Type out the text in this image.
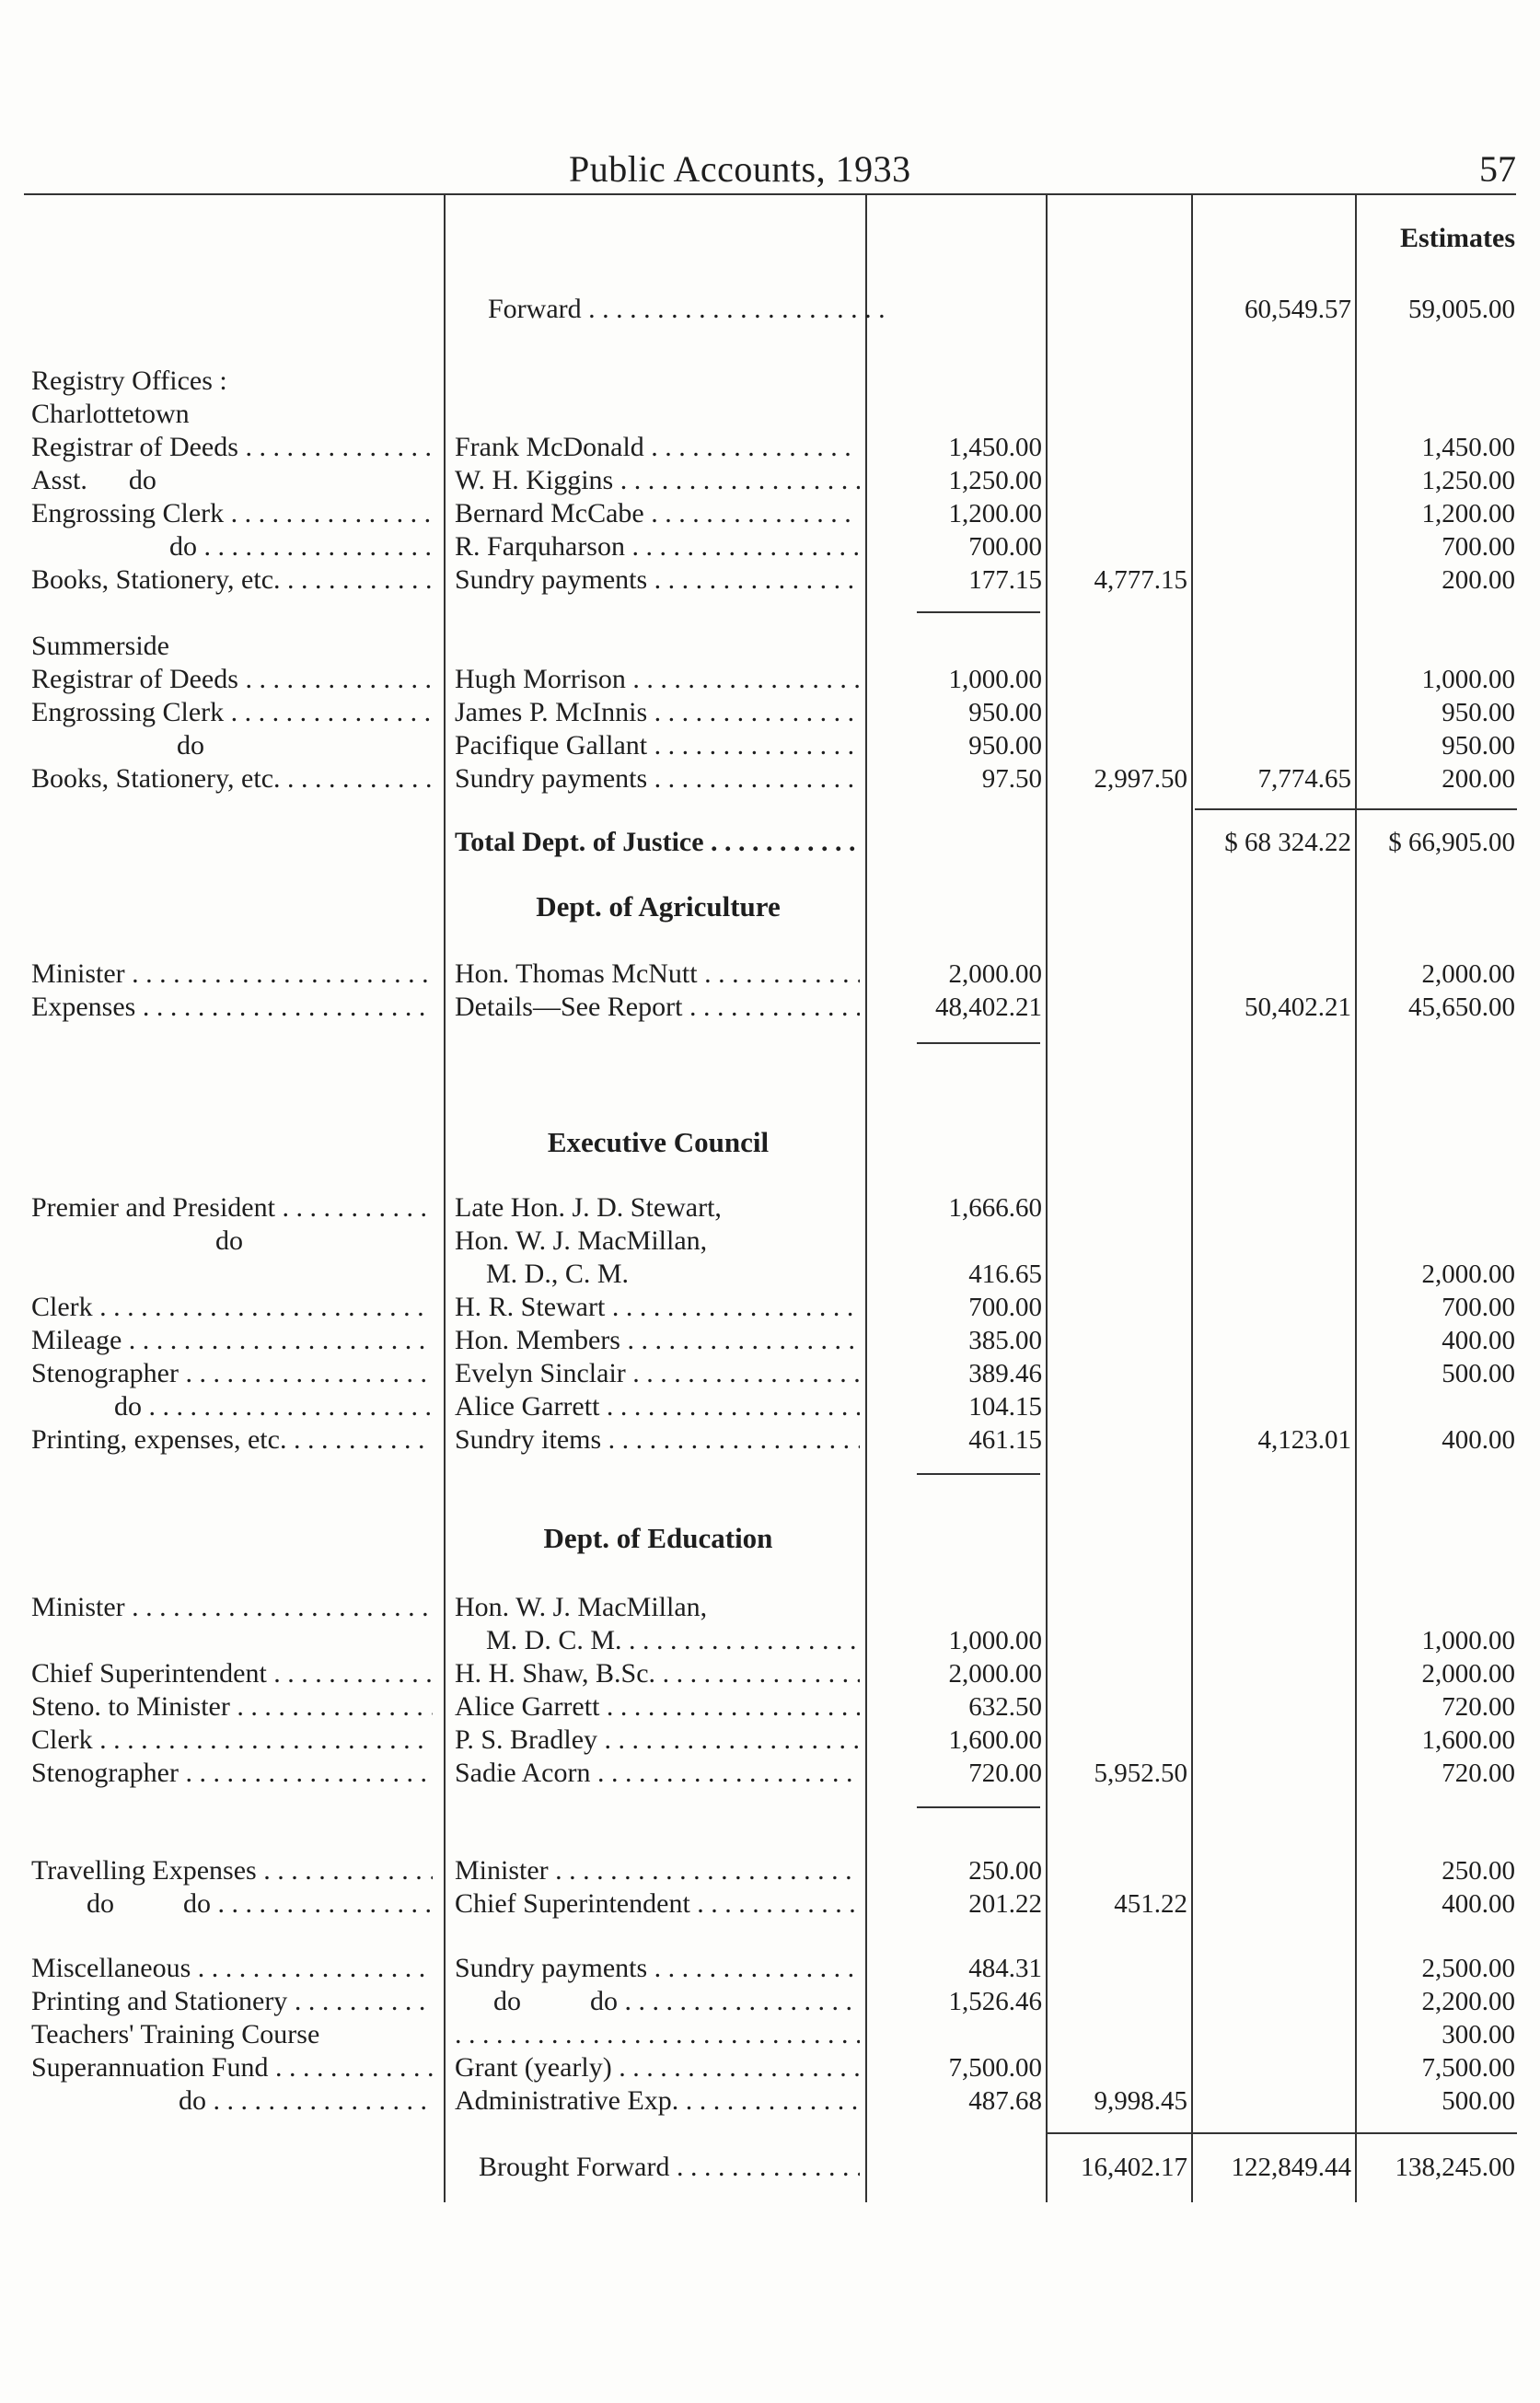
Public Accounts, 1933	57
Estimates
Forward . . .	60,549.57	59,005.00
Registry Offices :
Charlottetown
Registrar of Deeds . . .	Frank McDonald . . .	1,450.00	1,450.00
Asst.      do	W. H. Kiggins . . .	1,250.00	1,250.00
Engrossing Clerk . . .	Bernard McCabe . . .	1,200.00	1,200.00
do . . .	R. Farquharson . . .	700.00	700.00
Books, Stationery, etc. . . .	Sundry payments . . .	177.15	4,777.15	200.00
Summerside
Registrar of Deeds . . .	Hugh Morrison . . .	1,000.00	1,000.00
Engrossing Clerk . . .	James P. McInnis . . .	950.00	950.00
do	Pacifique Gallant . . .	950.00	950.00
Books, Stationery, etc. . . .	Sundry payments . . .	97.50	2,997.50	7,774.65	200.00
Total Dept. of Justice . . .	$ 68 324.22	$ 66,905.00
Dept. of Agriculture
Minister . . .	Hon. Thomas McNutt . . .	2,000.00	2,000.00
Expenses . . .	Details—See Report . . .	48,402.21	50,402.21	45,650.00
Executive Council
Premier and President . . .	Late Hon. J. D. Stewart,	1,666.60
do	Hon. W. J. MacMillan,
M. D., C. M.	416.65	2,000.00
Clerk . . .	H. R. Stewart . . .	700.00	700.00
Mileage . . .	Hon. Members . . .	385.00	400.00
Stenographer . . .	Evelyn Sinclair . . .	389.46	500.00
do . . .	Alice Garrett . . .	104.15
Printing, expenses, etc. . . .	Sundry items . . .	461.15	4,123.01	400.00
Dept. of Education
Minister . . .	Hon. W. J. MacMillan,
M. D. C. M. . . .	1,000.00	1,000.00
Chief Superintendent . . .	H. H. Shaw, B.Sc. . . .	2,000.00	2,000.00
Steno. to Minister . . .	Alice Garrett . . .	632.50	720.00
Clerk . . .	P. S. Bradley . . .	1,600.00	1,600.00
Stenographer . . .	Sadie Acorn . . .	720.00	5,952.50	720.00
Travelling Expenses . . .	Minister . . .	250.00	250.00
do          do . . .	Chief Superintendent . . .	201.22	451.22	400.00
Miscellaneous . . .	Sundry payments . . .	484.31	2,500.00
Printing and Stationery . . .	do          do . . .	1,526.46	2,200.00
Teachers' Training Course
. . .	300.00
Superannuation Fund . . .	Grant (yearly) . . .	7,500.00	7,500.00
do . . .	Administrative Exp. . . .	487.68	9,998.45	500.00
Brought Forward . . .	16,402.17	122,849.44	138,245.00
